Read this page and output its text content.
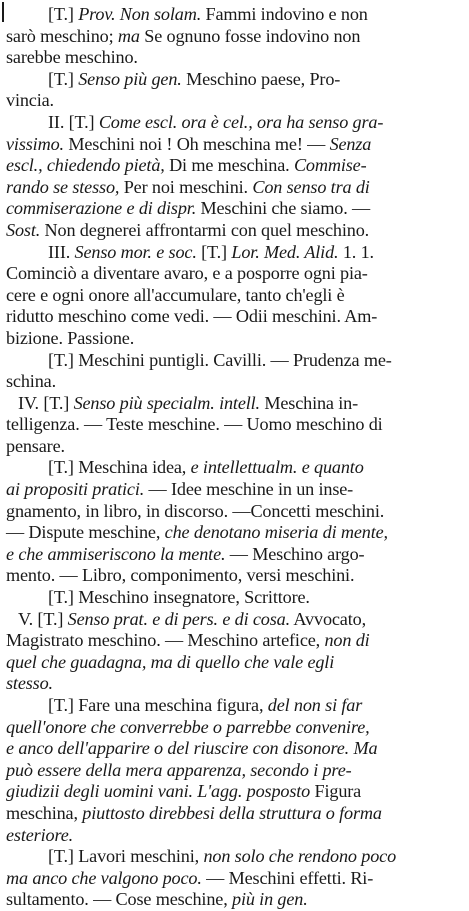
[T.] Prov. Non solam. Fammi indovino e non
sarò meschino; ma Se ognuno fosse indovino non
sarebbe meschino.
[T.] Senso più gen. Meschino paese, Pro-
vincia.
II. [T.] Come escl. ora è cel., ora ha senso gra-
vissimo. Meschini noi ! Oh meschina me! — Senza
escl., chiedendo pietà, Di me meschina. Commise-
rando se stesso, Per noi meschini. Con senso tra di
commiserazione e di dispr. Meschini che siamo. —
Sost. Non degnerei affrontarmi con quel meschino.
III. Senso mor. e soc. [T.] Lor. Med. Alid. 1. 1.
Cominciò a diventare avaro, e a posporre ogni pia-
cere e ogni onore all'accumulare, tanto ch'egli è
ridutto meschino come vedi. — Odii meschini. Am-
bizione. Passione.
[T.] Meschini puntigli. Cavilli. — Prudenza me-
schina.
IV. [T.] Senso più specialm. intell. Meschina in-
telligenza. — Teste meschine. — Uomo meschino di
pensare.
[T.] Meschina idea, e intellettualm. e quanto
ai propositi pratici. — Idee meschine in un inse-
gnamento, in libro, in discorso. —Concetti meschini.
— Dispute meschine, che denotano miseria di mente,
e che ammiseriscono la mente. — Meschino argo-
mento. — Libro, componimento, versi meschini.
[T.] Meschino insegnatore, Scrittore.
V. [T.] Senso prat. e di pers. e di cosa. Avvocato,
Magistrato meschino. — Meschino artefice, non di
quel che guadagna, ma di quello che vale egli
stesso.
[T.] Fare una meschina figura, del non si far
quell'onore che converrebbe o parrebbe convenire,
e anco dell'apparire o del riuscire con disonore. Ma
può essere della mera apparenza, secondo i pre-
giudizii degli uomini vani. L'agg. posposto Figura
meschina, piuttosto direbbesi della struttura o forma
esteriore.
[T.] Lavori meschini, non solo che rendono poco
ma anco che valgono poco. — Meschini effetti. Ri-
sultamento. — Cose meschine, più in gen.
